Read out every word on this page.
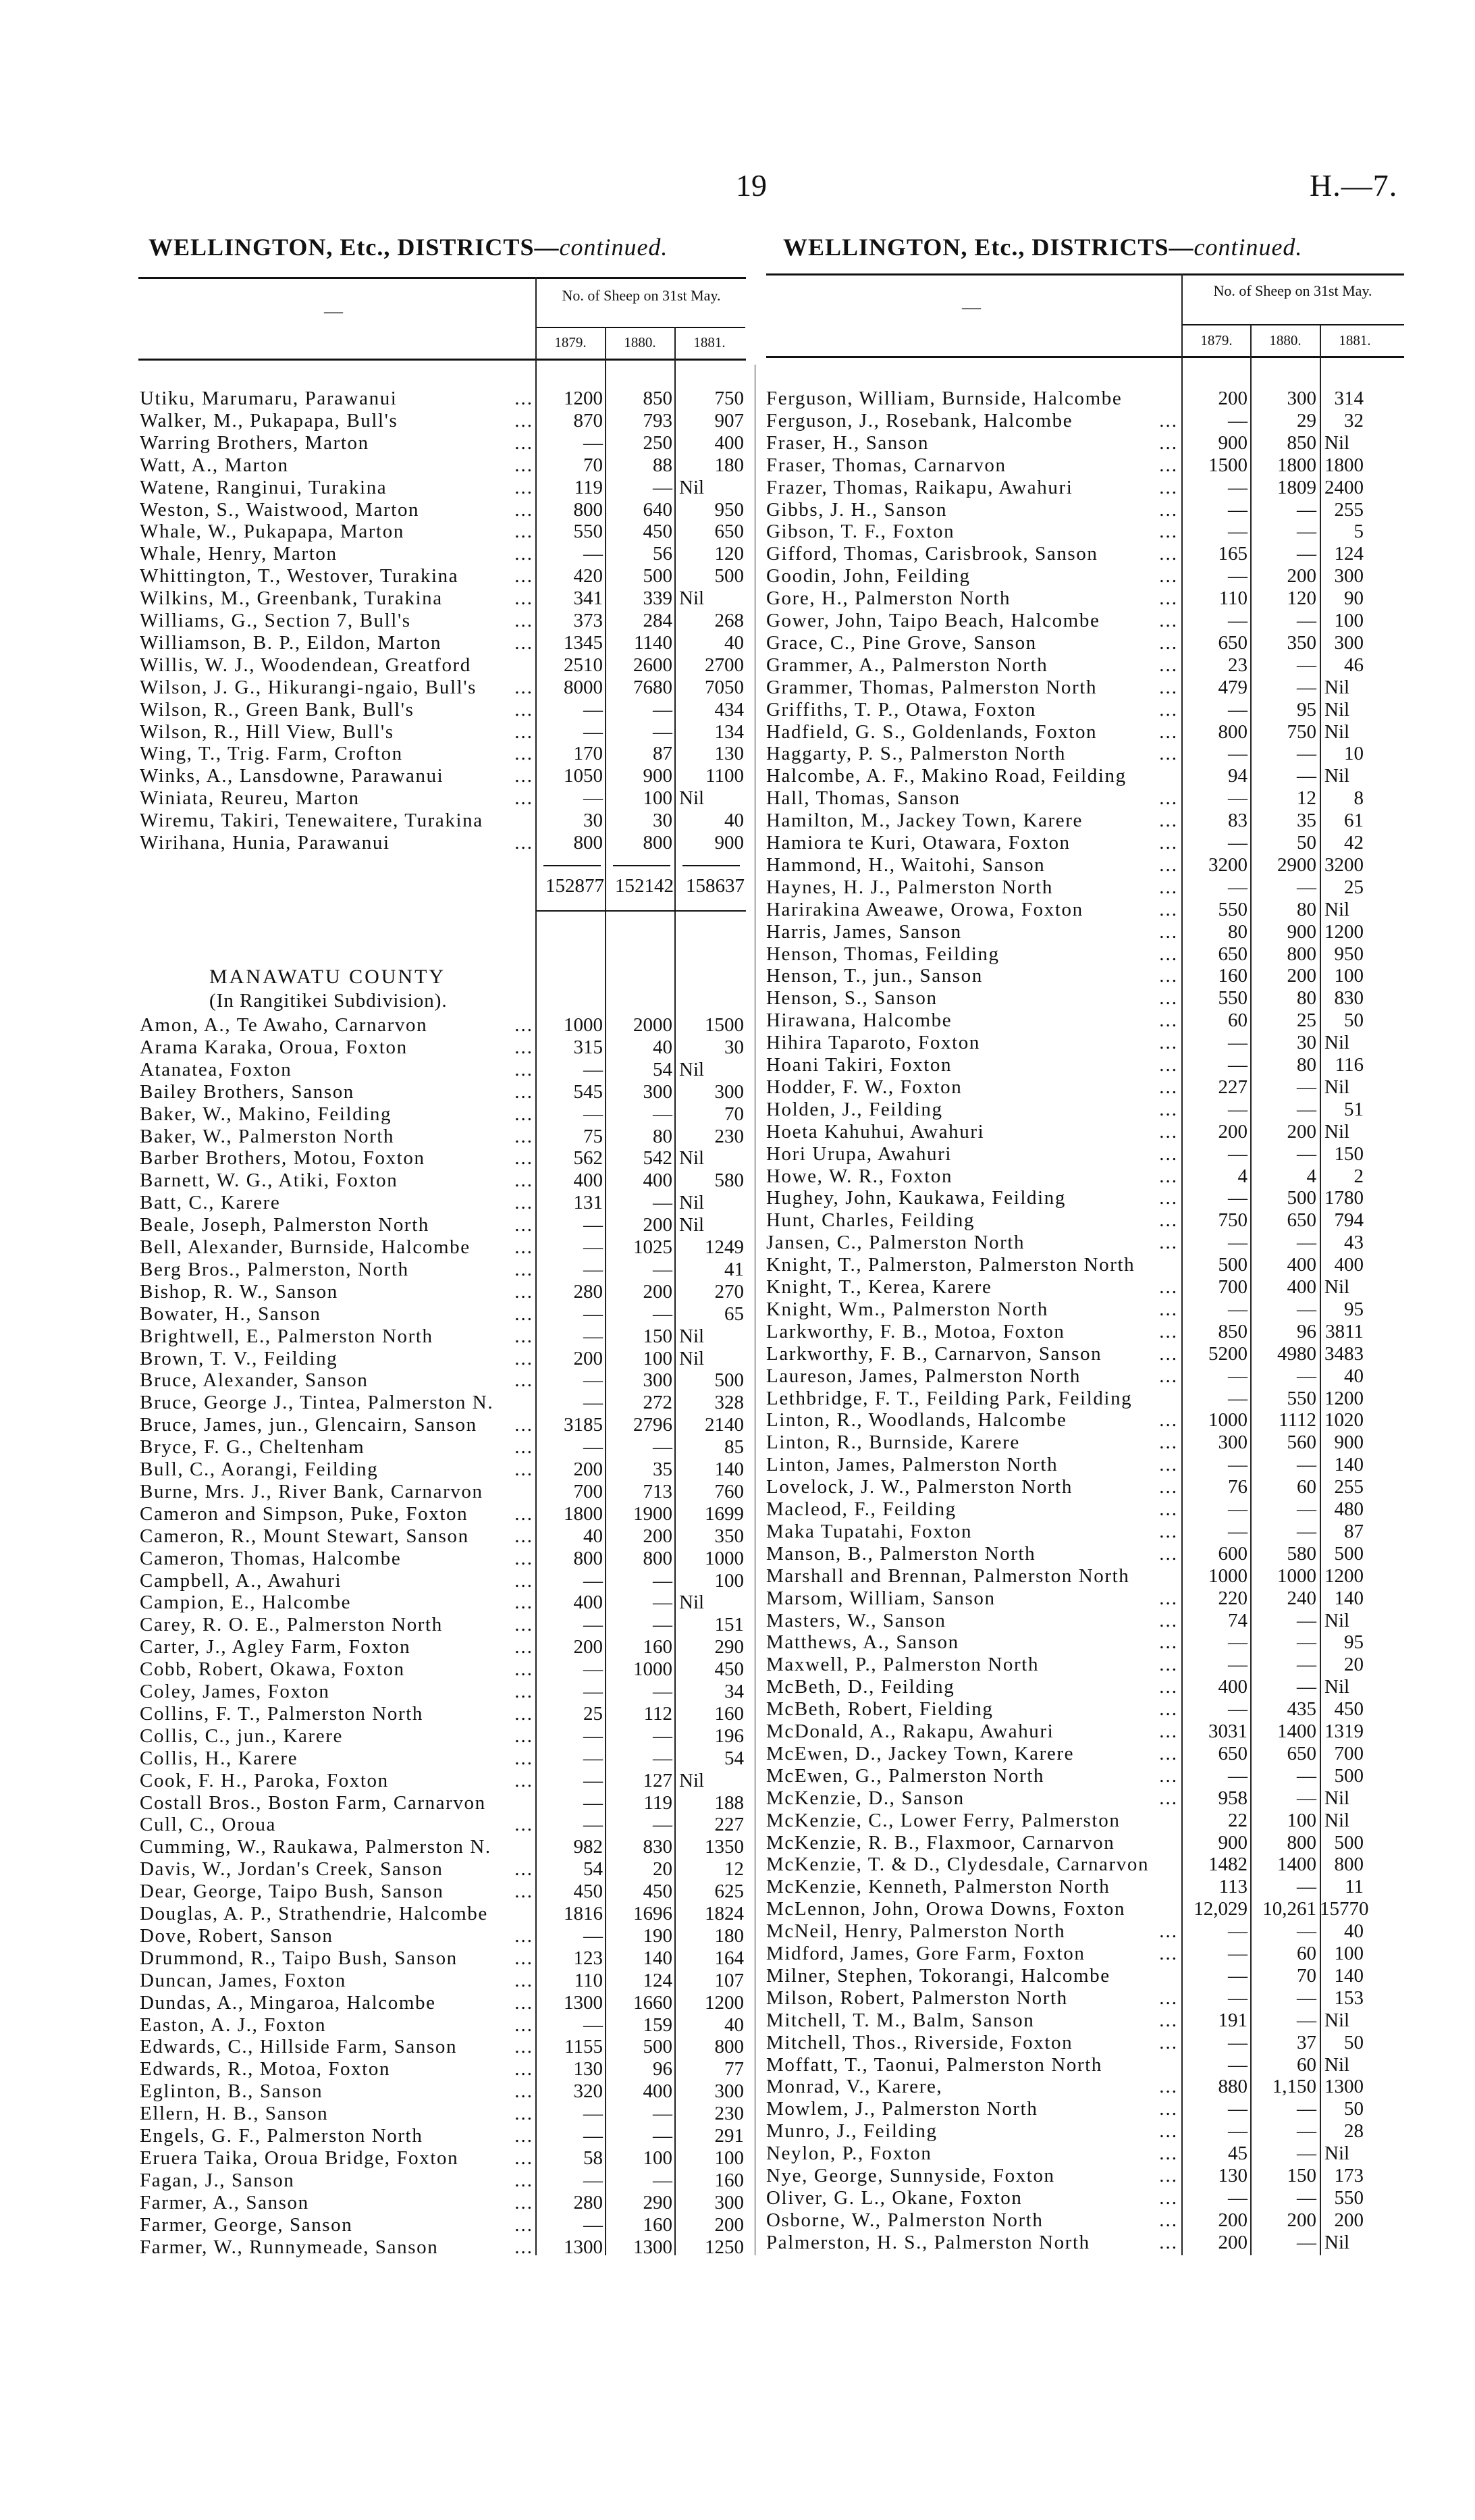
19	H.—7.
WELLINGTON, Etc., DISTRICTS—continued.	WELLINGTON, Etc., DISTRICTS—continued.
No. of Sheep on 31st May.
—
1879.	1880.	1881.
No. of Sheep on 31st May.
—
1879.	1880.	1881.
152877 152142 158637
MANAWATU COUNTY
(In Rangitikei Subdivision).
Utiku, Marumaru, Parawanui	...	1200	850	750
Walker, M., Pukapapa, Bull's	...	870	793	907
Warring Brothers, Marton	...	—	250	400
Watt, A., Marton	...	70	88	180
Watene, Ranginui, Turakina	...	119	— Nil
Weston, S., Waistwood, Marton	...	800	640	950
Whale, W., Pukapapa, Marton	...	550	450	650
Whale, Henry, Marton	...	—	56	120
Whittington, T., Westover, Turakina	...	420	500	500
Wilkins, M., Greenbank, Turakina	...	341	339 Nil
Williams, G., Section 7, Bull's	...	373	284	268
Williamson, B. P., Eildon, Marton	...	1345	1140	40
Willis, W. J., Woodendean, Greatford	2510	2600	2700
Wilson, J. G., Hikurangi-ngaio, Bull's	...	8000	7680	7050
Wilson, R., Green Bank, Bull's	...	—	—	434
Wilson, R., Hill View, Bull's	...	—	—	134
Wing, T., Trig. Farm, Crofton	...	170	87	130
Winks, A., Lansdowne, Parawanui	...	1050	900	1100
Winiata, Reureu, Marton	...	—	100 Nil
Wiremu, Takiri, Tenewaitere, Turakina	30	30	40
Wirihana, Hunia, Parawanui	...	800	800	900
Amon, A., Te Awaho, Carnarvon	...	1000	2000	1500
Arama Karaka, Oroua, Foxton	...	315	40	30
Atanatea, Foxton	...	—	54 Nil
Bailey Brothers, Sanson	...	545	300	300
Baker, W., Makino, Feilding	...	—	—	70
Baker, W., Palmerston North	...	75	80	230
Barber Brothers, Motou, Foxton	...	562	542 Nil
Barnett, W. G., Atiki, Foxton	...	400	400	580
Batt, C., Karere	...	131	— Nil
Beale, Joseph, Palmerston North	...	—	200 Nil
Bell, Alexander, Burnside, Halcombe	...	—	1025	1249
Berg Bros., Palmerston, North	...	—	—	41
Bishop, R. W., Sanson	...	280	200	270
Bowater, H., Sanson	...	—	—	65
Brightwell, E., Palmerston North	...	—	150 Nil
Brown, T. V., Feilding	...	200	100 Nil
Bruce, Alexander, Sanson	...	—	300	500
Bruce, George J., Tintea, Palmerston N.	—	272	328
Bruce, James, jun., Glencairn, Sanson	...	3185	2796	2140
Bryce, F. G., Cheltenham	...	—	—	85
Bull, C., Aorangi, Feilding	...	200	35	140
Burne, Mrs. J., River Bank, Carnarvon	700	713	760
Cameron and Simpson, Puke, Foxton	...	1800	1900	1699
Cameron, R., Mount Stewart, Sanson	...	40	200	350
Cameron, Thomas, Halcombe	...	800	800	1000
Campbell, A., Awahuri	...	—	—	100
Campion, E., Halcombe	...	400	— Nil
Carey, R. O. E., Palmerston North	...	—	—	151
Carter, J., Agley Farm, Foxton	...	200	160	290
Cobb, Robert, Okawa, Foxton	...	—	1000	450
Coley, James, Foxton	...	—	—	34
Collins, F. T., Palmerston North	...	25	112	160
Collis, C., jun., Karere	...	—	—	196
Collis, H., Karere	...	—	—	54
Cook, F. H., Paroka, Foxton	...	—	127 Nil
Costall Bros., Boston Farm, Carnarvon	—	119	188
Cull, C., Oroua	...	—	—	227
Cumming, W., Raukawa, Palmerston N.	982	830	1350
Davis, W., Jordan's Creek, Sanson	...	54	20	12
Dear, George, Taipo Bush, Sanson	...	450	450	625
Douglas, A. P., Strathendrie, Halcombe	1816	1696	1824
Dove, Robert, Sanson	...	—	190	180
Drummond, R., Taipo Bush, Sanson	...	123	140	164
Duncan, James, Foxton	...	110	124	107
Dundas, A., Mingaroa, Halcombe	...	1300	1660	1200
Easton, A. J., Foxton	...	—	159	40
Edwards, C., Hillside Farm, Sanson	...	1155	500	800
Edwards, R., Motoa, Foxton	...	130	96	77
Eglinton, B., Sanson	...	320	400	300
Ellern, H. B., Sanson	...	—	—	230
Engels, G. F., Palmerston North	...	—	—	291
Eruera Taika, Oroua Bridge, Foxton	...	58	100	100
Fagan, J., Sanson	...	—	—	160
Farmer, A., Sanson	...	280	290	300
Farmer, George, Sanson	...	—	160	200
Farmer, W., Runnymeade, Sanson	...	1300	1300	1250
Ferguson, William, Burnside, Halcombe	200	300 314
Ferguson, J., Rosebank, Halcombe	...	—	29	32
Fraser, H., Sanson	...	900	850 Nil
Fraser, Thomas, Carnarvon	...	1500	1800 1800
Frazer, Thomas, Raikapu, Awahuri	...	—	1809 2400
Gibbs, J. H., Sanson	...	—	— 255
Gibson, T. F., Foxton	...	—	—	5
Gifford, Thomas, Carisbrook, Sanson	...	165	— 124
Goodin, John, Feilding	...	—	200 300
Gore, H., Palmerston North	...	110	120	90
Gower, John, Taipo Beach, Halcombe	...	—	— 100
Grace, C., Pine Grove, Sanson	...	650	350 300
Grammer, A., Palmerston North	...	23	—	46
Grammer, Thomas, Palmerston North	...	479	— Nil
Griffiths, T. P., Otawa, Foxton	...	—	95 Nil
Hadfield, G. S., Goldenlands, Foxton	...	800	750 Nil
Haggarty, P. S., Palmerston North	...	—	—	10
Halcombe, A. F., Makino Road, Feilding	94	— Nil
Hall, Thomas, Sanson	...	—	12	8
Hamilton, M., Jackey Town, Karere	...	83	35	61
Hamiora te Kuri, Otawara, Foxton	...	—	50	42
Hammond, H., Waitohi, Sanson	...	3200	2900 3200
Haynes, H. J., Palmerston North	...	—	—	25
Harirakina Aweawe, Orowa, Foxton	...	550	80 Nil
Harris, James, Sanson	...	80	900 1200
Henson, Thomas, Feilding	...	650	800 950
Henson, T., jun., Sanson	...	160	200 100
Henson, S., Sanson	...	550	80 830
Hirawana, Halcombe	...	60	25	50
Hihira Taparoto, Foxton	...	—	30 Nil
Hoani Takiri, Foxton	...	—	80 116
Hodder, F. W., Foxton	...	227	— Nil
Holden, J., Feilding	...	—	—	51
Hoeta Kahuhui, Awahuri	...	200	200 Nil
Hori Urupa, Awahuri	...	—	— 150
Howe, W. R., Foxton	...	4	4	2
Hughey, John, Kaukawa, Feilding	...	—	500 1780
Hunt, Charles, Feilding	...	750	650 794
Jansen, C., Palmerston North	...	—	—	43
Knight, T., Palmerston, Palmerston North	500	400 400
Knight, T., Kerea, Karere	...	700	400 Nil
Knight, Wm., Palmerston North	...	—	—	95
Larkworthy, F. B., Motoa, Foxton	...	850	96 3811
Larkworthy, F. B., Carnarvon, Sanson	...	5200	4980 3483
Laureson, James, Palmerston North	...	—	—	40
Lethbridge, F. T., Feilding Park, Feilding	—	550 1200
Linton, R., Woodlands, Halcombe	...	1000	1112 1020
Linton, R., Burnside, Karere	...	300	560 900
Linton, James, Palmerston North	...	—	— 140
Lovelock, J. W., Palmerston North	...	76	60 255
Macleod, F., Feilding	...	—	— 480
Maka Tupatahi, Foxton	...	—	—	87
Manson, B., Palmerston North	...	600	580 500
Marshall and Brennan, Palmerston North	1000	1000 1200
Marsom, William, Sanson	...	220	240 140
Masters, W., Sanson	...	74	— Nil
Matthews, A., Sanson	...	—	—	95
Maxwell, P., Palmerston North	...	—	—	20
McBeth, D., Feilding	...	400	— Nil
McBeth, Robert, Fielding	...	—	435 450
McDonald, A., Rakapu, Awahuri	...	3031	1400 1319
McEwen, D., Jackey Town, Karere	...	650	650 700
McEwen, G., Palmerston North	...	—	— 500
McKenzie, D., Sanson	...	958	— Nil
McKenzie, C., Lower Ferry, Palmerston	22	100 Nil
McKenzie, R. B., Flaxmoor, Carnarvon	900	800 500
McKenzie, T. & D., Clydesdale, Carnarvon	1482	1400 800
McKenzie, Kenneth, Palmerston North	113	—	11
McLennon, John, Orowa Downs, Foxton	12,029 10,261 15770
McNeil, Henry, Palmerston North	...	—	—	40
Midford, James, Gore Farm, Foxton	...	—	60 100
Milner, Stephen, Tokorangi, Halcombe	—	70 140
Milson, Robert, Palmerston North	...	—	— 153
Mitchell, T. M., Balm, Sanson	...	191	— Nil
Mitchell, Thos., Riverside, Foxton	...	—	37	50
Moffatt, T., Taonui, Palmerston North	—	60 Nil
Monrad, V., Karere,	...	880	1,150 1300
Mowlem, J., Palmerston North	...	—	—	50
Munro, J., Feilding	...	—	—	28
Neylon, P., Foxton	...	45	— Nil
Nye, George, Sunnyside, Foxton	...	130	150 173
Oliver, G. L., Okane, Foxton	...	—	— 550
Osborne, W., Palmerston North	...	200	200 200
Palmerston, H. S., Palmerston North	...	200	— Nil
